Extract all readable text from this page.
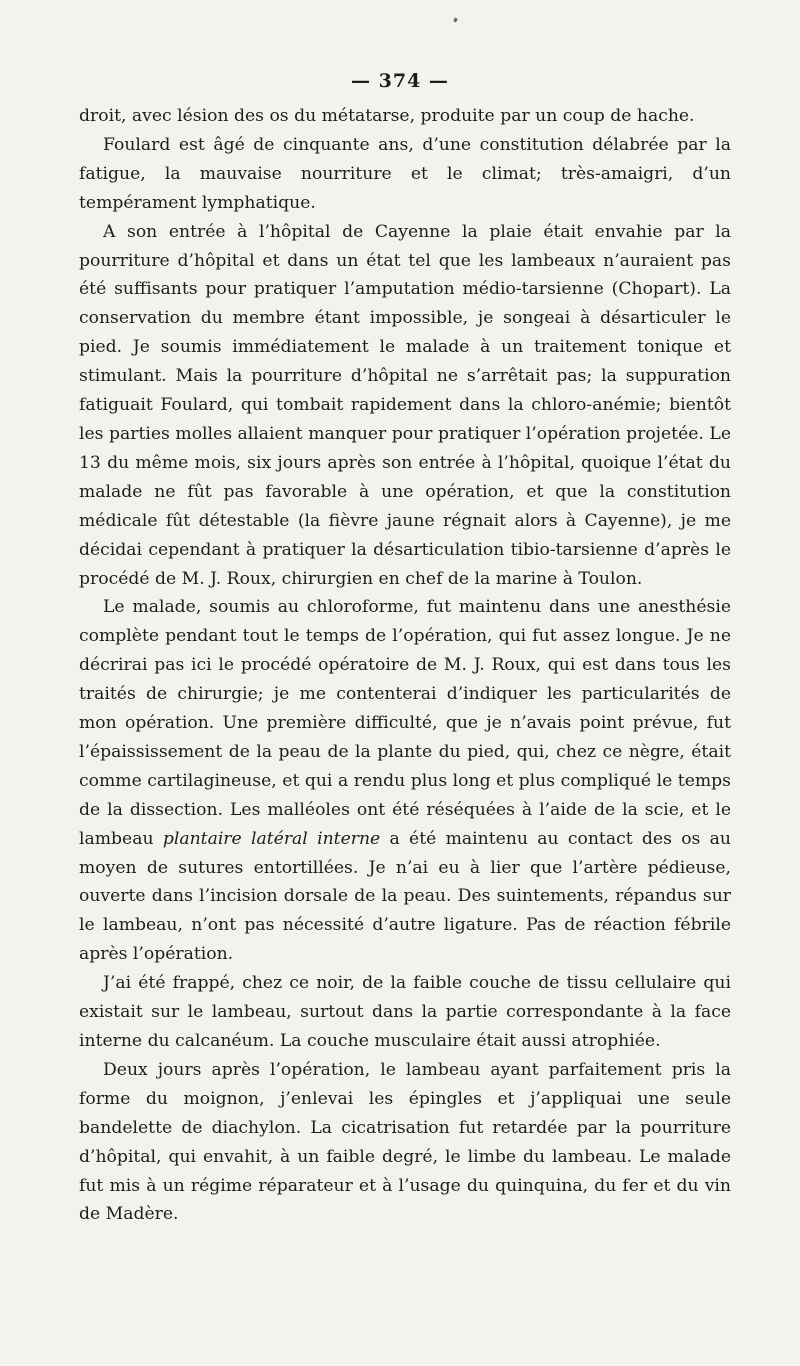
— 374 —

droit, avec lésion des os du métatarse, produite par un coup de hache.

Foulard est âgé de cinquante ans, d’une constitution délabrée par la fatigue, la mauvaise nourriture et le climat; très-amaigri, d’un tempérament lymphatique.

A son entrée à l’hôpital de Cayenne la plaie était envahie par la pourriture d’hôpital et dans un état tel que les lambeaux n’auraient pas été suffisants pour pratiquer l’amputation médio-tarsienne (Chopart). La conservation du membre étant impossible, je songeai à désarticuler le pied. Je soumis immédiatement le malade à un traitement tonique et stimulant. Mais la pourriture d’hôpital ne s’arrêtait pas; la suppuration fatiguait Foulard, qui tombait rapidement dans la chloro-anémie; bientôt les parties molles allaient manquer pour pratiquer l’opération projetée. Le 13 du même mois, six jours après son entrée à l’hôpital, quoique l’état du malade ne fût pas favorable à une opération, et que la constitution médicale fût détestable (la fièvre jaune régnait alors à Cayenne), je me décidai cependant à pratiquer la désarticulation tibio-tarsienne d’après le procédé de M. J. Roux, chirurgien en chef de la marine à Toulon.

Le malade, soumis au chloroforme, fut maintenu dans une anesthésie complète pendant tout le temps de l’opération, qui fut assez longue. Je ne décrirai pas ici le procédé opératoire de M. J. Roux, qui est dans tous les traités de chirurgie; je me contenterai d’indiquer les particularités de mon opération. Une première difficulté, que je n’avais point prévue, fut l’épaississement de la peau de la plante du pied, qui, chez ce nègre, était comme cartilagineuse, et qui a rendu plus long et plus compliqué le temps de la dissection. Les malléoles ont été réséquées à l’aide de la scie, et le lambeau plantaire latéral interne a été maintenu au contact des os au moyen de sutures entortillées. Je n’ai eu à lier que l’artère pédieuse, ouverte dans l’incision dorsale de la peau. Des suintements, répandus sur le lambeau, n’ont pas nécessité d’autre ligature. Pas de réaction fébrile après l’opération.

J’ai été frappé, chez ce noir, de la faible couche de tissu cellulaire qui existait sur le lambeau, surtout dans la partie correspondante à la face interne du calcanéum. La couche musculaire était aussi atrophiée.

Deux jours après l’opération, le lambeau ayant parfaitement pris la forme du moignon, j’enlevai les épingles et j’appliquai une seule bandelette de diachylon. La cicatrisation fut retardée par la pourriture d’hôpital, qui envahit, à un faible degré, le limbe du lambeau. Le malade fut mis à un régime réparateur et à l’usage du quinquina, du fer et du vin de Madère.
